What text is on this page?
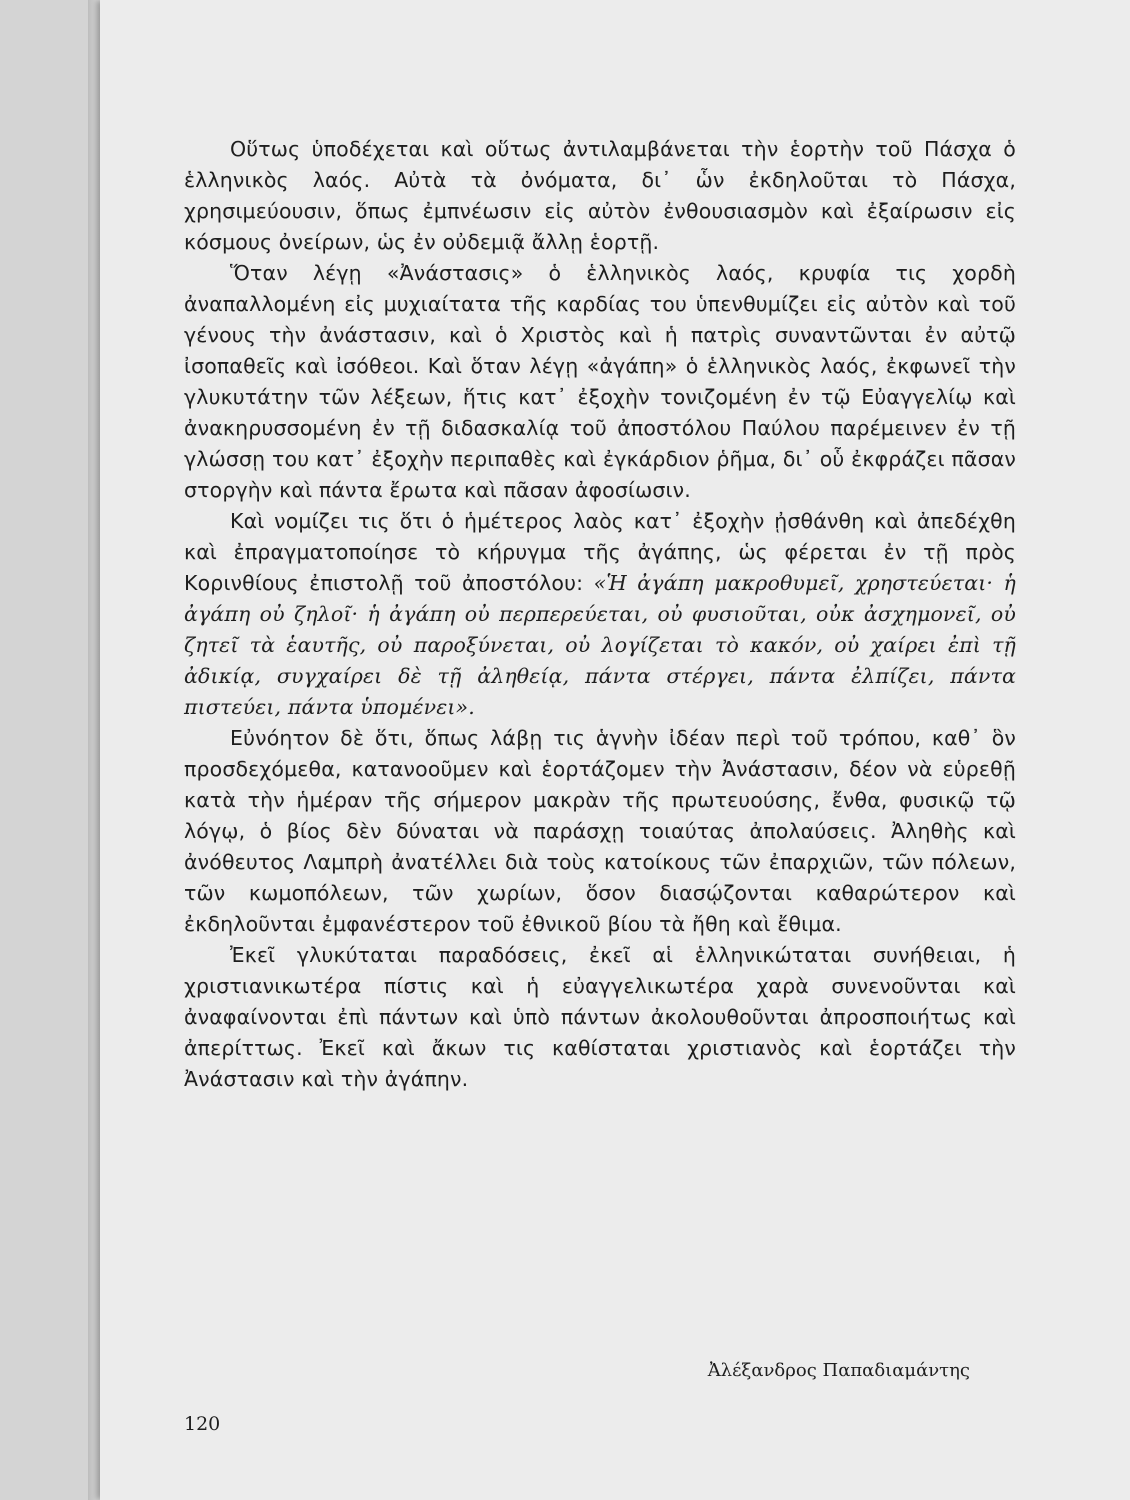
Οὕτως ὑποδέχεται καὶ οὕτως ἀντιλαμβάνεται τὴν ἑορτὴν τοῦ Πάσχα ὁ ἑλληνικὸς λαός. Αὐτὰ τὰ ὀνόματα, δι᾽ ὧν ἐκδηλοῦται τὸ Πάσχα, χρησιμεύουσιν, ὅπως ἐμπνέωσιν εἰς αὐτὸν ἐνθουσιασμὸν καὶ ἐξαίρωσιν εἰς κόσμους ὀνείρων, ὡς ἐν οὐδεμιᾷ ἄλλῃ ἑορτῇ.

Ὅταν λέγῃ «Ἀνάστασις» ὁ ἑλληνικὸς λαός, κρυφία τις χορδὴ ἀναπαλλομένη εἰς μυχιαίτατα τῆς καρδίας του ὑπενθυμίζει εἰς αὐτὸν καὶ τοῦ γένους τὴν ἀνάστασιν, καὶ ὁ Χριστὸς καὶ ἡ πατρὶς συναντῶνται ἐν αὐτῷ ἰσοπαθεῖς καὶ ἰσόθεοι. Καὶ ὅταν λέγῃ «ἀγάπη» ὁ ἑλληνικὸς λαός, ἐκφωνεῖ τὴν γλυκυτάτην τῶν λέξεων, ἥτις κατ᾽ ἐξοχὴν τονιζομένη ἐν τῷ Εὐαγγελίῳ καὶ ἀνακηρυσσομένη ἐν τῇ διδασκαλίᾳ τοῦ ἀποστόλου Παύλου παρέμεινεν ἐν τῇ γλώσσῃ του κατ᾽ ἐξοχὴν περιπαθὲς καὶ ἐγκάρδιον ῥῆμα, δι᾽ οὗ ἐκφράζει πᾶσαν στοργὴν καὶ πάντα ἔρωτα καὶ πᾶσαν ἀφοσίωσιν.

Καὶ νομίζει τις ὅτι ὁ ἡμέτερος λαὸς κατ᾽ ἐξοχὴν ᾐσθάνθη καὶ ἀπεδέχθη καὶ ἐπραγματοποίησε τὸ κήρυγμα τῆς ἀγάπης, ὡς φέρεται ἐν τῇ πρὸς Κορινθίους ἐπιστολῇ τοῦ ἀποστόλου: «Ἡ ἀγάπη μακροθυμεῖ, χρηστεύεται· ἡ ἀγάπη οὐ ζηλοῖ· ἡ ἀγάπη οὐ περπερεύεται, οὐ φυσιοῦται, οὐκ ἀσχημονεῖ, οὐ ζητεῖ τὰ ἑαυτῆς, οὐ παροξύνεται, οὐ λογίζεται τὸ κακόν, οὐ χαίρει ἐπὶ τῇ ἀδικίᾳ, συγχαίρει δὲ τῇ ἀληθείᾳ, πάντα στέργει, πάντα ἐλπίζει, πάντα πιστεύει, πάντα ὑπομένει».

Εὐνόητον δὲ ὅτι, ὅπως λάβῃ τις ἁγνὴν ἰδέαν περὶ τοῦ τρόπου, καθ᾽ ὃν προσδεχόμεθα, κατανοοῦμεν καὶ ἑορτάζομεν τὴν Ἀνάστασιν, δέον νὰ εὑρεθῇ κατὰ τὴν ἡμέραν τῆς σήμερον μακρὰν τῆς πρωτευούσης, ἔνθα, φυσικῷ τῷ λόγῳ, ὁ βίος δὲν δύναται νὰ παράσχῃ τοιαύτας ἀπολαύσεις. Ἀληθὴς καὶ ἀνόθευτος Λαμπρὴ ἀνατέλλει διὰ τοὺς κατοίκους τῶν ἐπαρχιῶν, τῶν πόλεων, τῶν κωμοπόλεων, τῶν χωρίων, ὅσον διασῴζονται καθαρώτερον καὶ ἐκδηλοῦνται ἐμφανέστερον τοῦ ἐθνικοῦ βίου τὰ ἤθη καὶ ἔθιμα.

Ἐκεῖ γλυκύταται παραδόσεις, ἐκεῖ αἱ ἑλληνικώταται συνήθειαι, ἡ χριστιανικωτέρα πίστις καὶ ἡ εὐαγγελικωτέρα χαρὰ συνενοῦνται καὶ ἀναφαίνονται ἐπὶ πάντων καὶ ὑπὸ πάντων ἀκολουθοῦνται ἀπροσποιήτως καὶ ἀπερίττως. Ἐκεῖ καὶ ἄκων τις καθίσταται χριστιανὸς καὶ ἑορτάζει τὴν Ἀνάστασιν καὶ τὴν ἀγάπην.

Ἀλέξανδρος Παπαδιαμάντης
120
